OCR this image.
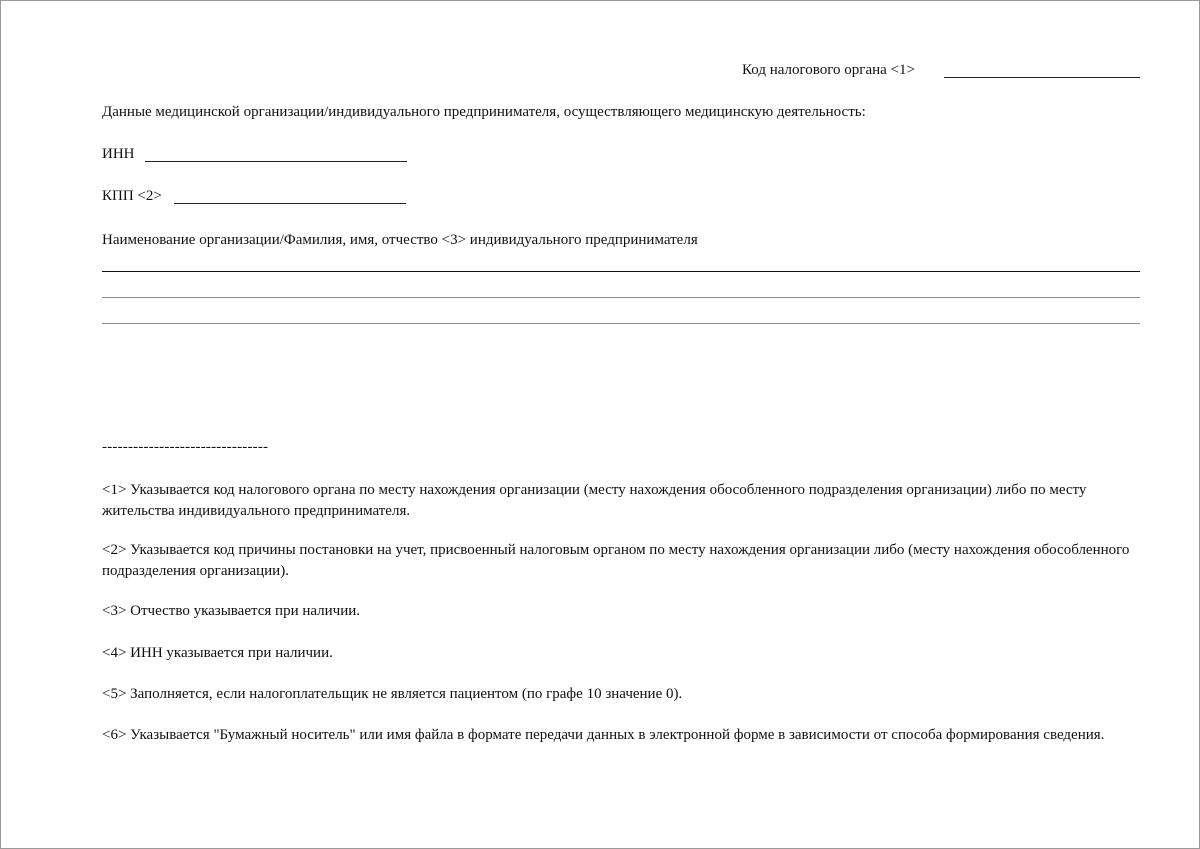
Код налогового органа <1>
Данные медицинской организации/индивидуального предпринимателя, осуществляющего медицинскую деятельность:
ИНН
КПП <2>
Наименование организации/Фамилия, имя, отчество <3> индивидуального предпринимателя
--------------------------------
<1> Указывается код налогового органа по месту нахождения организации (месту нахождения обособленного подразделения организации) либо по месту жительства индивидуального предпринимателя.
<2> Указывается код причины постановки на учет, присвоенный налоговым органом по месту нахождения организации либо (месту нахождения обособленного подразделения организации).
<3> Отчество указывается при наличии.
<4> ИНН указывается при наличии.
<5> Заполняется, если налогоплательщик не является пациентом (по графе 10 значение 0).
<6> Указывается "Бумажный носитель" или имя файла в формате передачи данных в электронной форме в зависимости от способа формирования сведения.
